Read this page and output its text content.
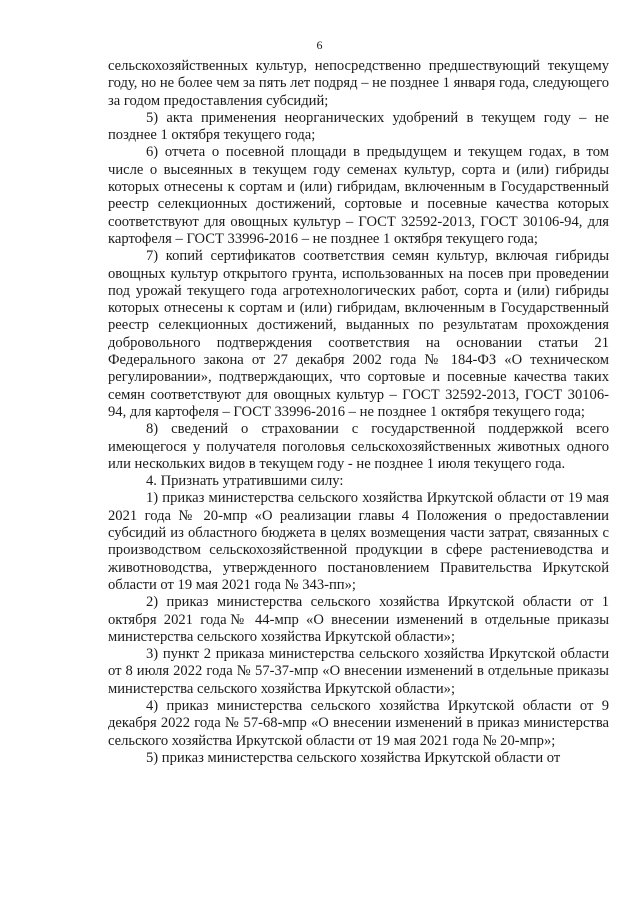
6

сельскохозяйственных культур, непосредственно предшествующий текущему году, но не более чем за пять лет подряд – не позднее 1 января года, следующего за годом предоставления субсидий;

5) акта применения неорганических удобрений в текущем году – не позднее 1 октября текущего года;

6) отчета о посевной площади в предыдущем и текущем годах, в том числе о высеянных в текущем году семенах культур, сорта и (или) гибриды которых отнесены к сортам и (или) гибридам, включенным в Государственный реестр селекционных достижений, сортовые и посевные качества которых соответствуют для овощных культур – ГОСТ 32592-2013, ГОСТ 30106-94, для картофеля – ГОСТ 33996-2016 – не позднее 1 октября текущего года;

7) копий сертификатов соответствия семян культур, включая гибриды овощных культур открытого грунта, использованных на посев при проведении под урожай текущего года агротехнологических работ, сорта и (или) гибриды которых отнесены к сортам и (или) гибридам, включенным в Государственный реестр селекционных достижений, выданных по результатам прохождения добровольного подтверждения соответствия на основании статьи 21 Федерального закона от 27 декабря 2002 года № 184-ФЗ «О техническом регулировании», подтверждающих, что сортовые и посевные качества таких семян соответствуют для овощных культур – ГОСТ 32592-2013, ГОСТ 30106-94, для картофеля – ГОСТ 33996-2016 – не позднее 1 октября текущего года;

8) сведений о страховании с государственной поддержкой всего имеющегося у получателя поголовья сельскохозяйственных животных одного или нескольких видов в текущем году - не позднее 1 июля текущего года.

4. Признать утратившими силу:

1) приказ министерства сельского хозяйства Иркутской области от 19 мая 2021 года № 20-мпр «О реализации главы 4 Положения о предоставлении субсидий из областного бюджета в целях возмещения части затрат, связанных с производством сельскохозяйственной продукции в сфере растениеводства и животноводства, утвержденного постановлением Правительства Иркутской области от 19 мая 2021 года № 343-пп»;

2) приказ министерства сельского хозяйства Иркутской области от 1 октября 2021 года№ 44-мпр «О внесении изменений в отдельные приказы министерства сельского хозяйства Иркутской области»;

3) пункт 2 приказа министерства сельского хозяйства Иркутской области от 8 июля 2022 года № 57-37-мпр «О внесении изменений в отдельные приказы министерства сельского хозяйства Иркутской области»;

4) приказ министерства сельского хозяйства Иркутской области от 9 декабря 2022 года № 57-68-мпр «О внесении изменений в приказ министерства сельского хозяйства Иркутской области от 19 мая 2021 года № 20-мпр»;

5) приказ министерства сельского хозяйства Иркутской области от
